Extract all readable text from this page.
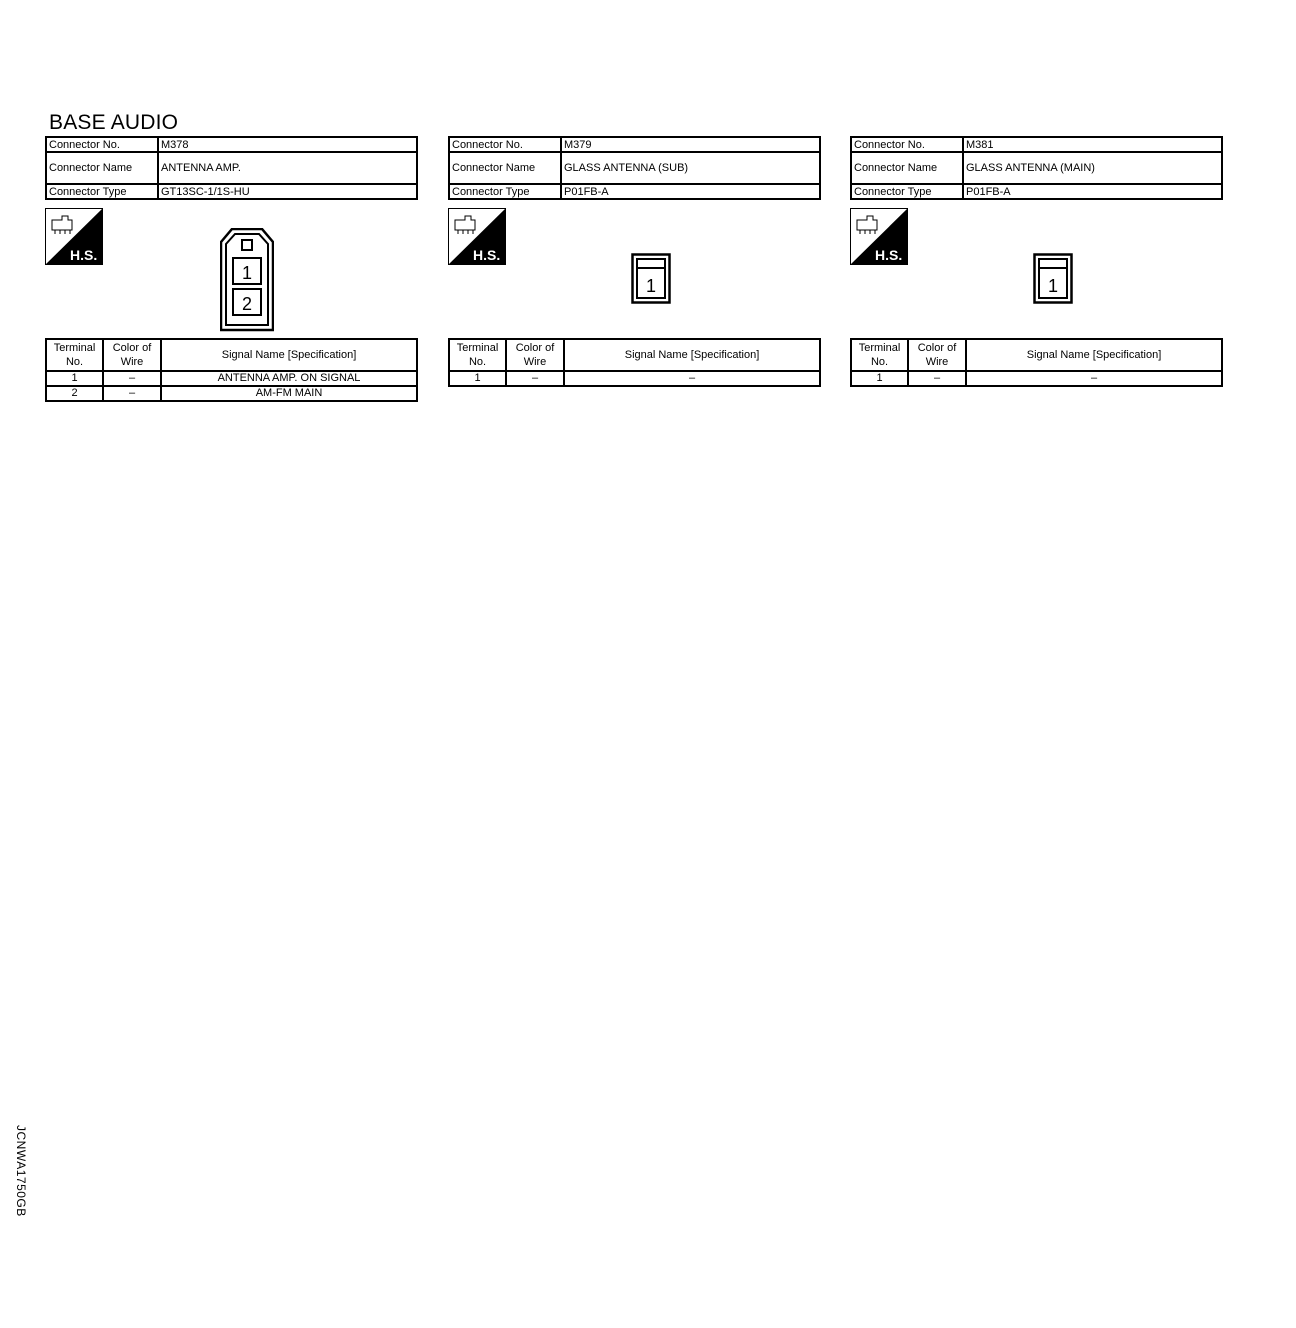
BASE AUDIO
Connector No.	M378
Connector Name	ANTENNA AMP.
Connector Type	GT13SC-1/1S-HU
H.S.
1
2
Terminal No.	Color of Wire	Signal Name [Specification]
1	–	ANTENNA AMP. ON SIGNAL
2	–	AM-FM MAIN
Connector No.	M379
Connector Name	GLASS ANTENNA (SUB)
Connector Type	P01FB-A
H.S.
1
Terminal No.	Color of Wire	Signal Name [Specification]
1	–	–
Connector No.	M381
Connector Name	GLASS ANTENNA (MAIN)
Connector Type	P01FB-A
H.S.
1
Terminal No.	Color of Wire	Signal Name [Specification]
1	–	–
JCNWA1750GB
